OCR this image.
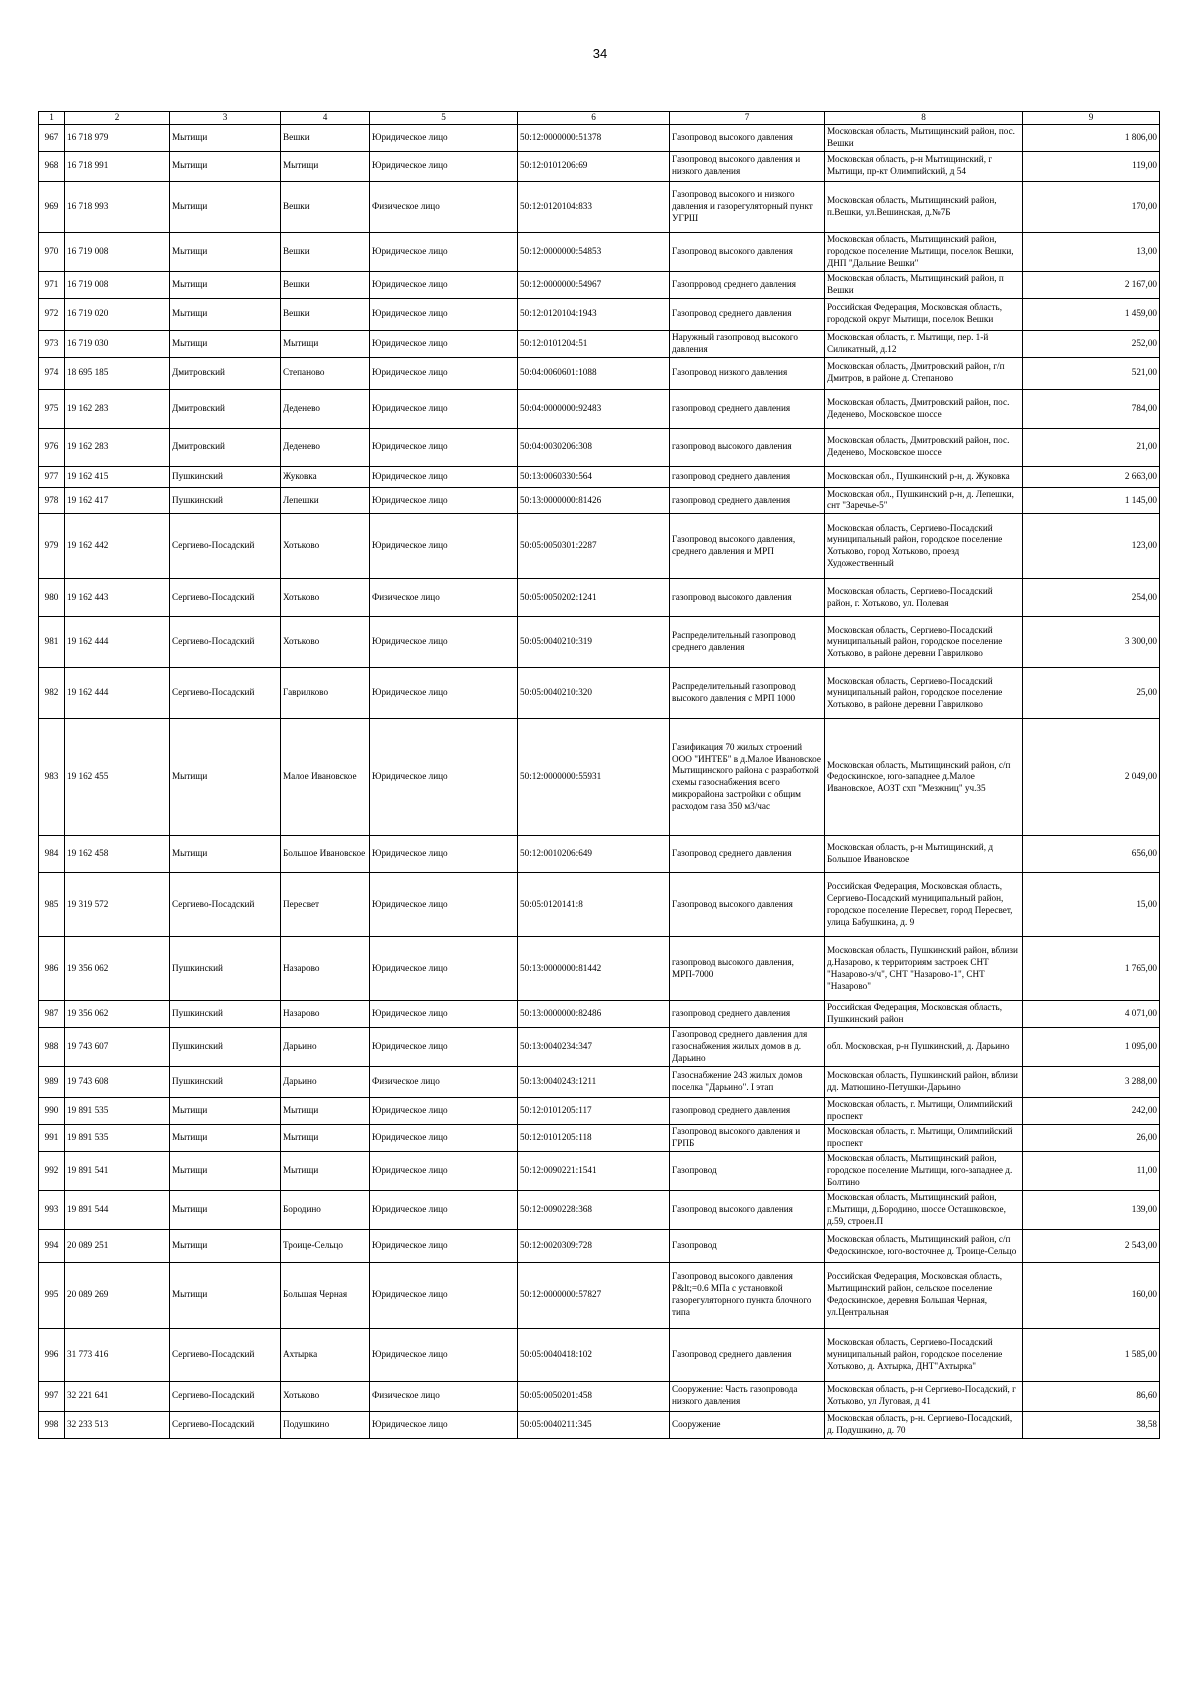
34
1	2	3	4	5	6	7	8	9
967	16 718 979	Мытищи	Вешки	Юридическое лицо	50:12:0000000:51378	Газопровод высокого давления	Московская область, Мытищинский район, пос. Вешки	1 806,00
968	16 718 991	Мытищи	Мытищи	Юридическое лицо	50:12:0101206:69	Газопровод высокого давления и низкого давления	Московская область, р-н Мытищинский, г Мытищи, пр-кт Олимпийский, д 54	119,00
969	16 718 993	Мытищи	Вешки	Физическое лицо	50:12:0120104:833	Газопровод высокого и низкого давления и газорегуляторный пункт УГРШ	Московская область, Мытищинский район, п.Вешки, ул.Вешинская, д.№7Б	170,00
970	16 719 008	Мытищи	Вешки	Юридическое лицо	50:12:0000000:54853	Газопровод высокого давления	Московская область, Мытищинский район, городское поселение Мытищи, поселок Вешки, ДНП "Дальние Вешки"	13,00
971	16 719 008	Мытищи	Вешки	Юридическое лицо	50:12:0000000:54967	Газопрровод среднего давления	Московская область, Мытищинский район, п Вешки	2 167,00
972	16 719 020	Мытищи	Вешки	Юридическое лицо	50:12:0120104:1943	Газопровод среднего давления	Российская Федерация, Московская область, городской округ Мытищи, поселок Вешки	1 459,00
973	16 719 030	Мытищи	Мытищи	Юридическое лицо	50:12:0101204:51	Наружный газопровод высокого давления	Московская область, г. Мытищи, пер. 1-й Силикатный, д.12	252,00
974	18 695 185	Дмитровский	Степаново	Юридическое лицо	50:04:0060601:1088	Газопровод низкого давления	Московская область, Дмитровский район, г/п Дмитров, в районе д. Степаново	521,00
975	19 162 283	Дмитровский	Деденево	Юридическое лицо	50:04:0000000:92483	газопровод среднего давления	Московская область, Дмитровский район, пос. Деденево, Московское шоссе	784,00
976	19 162 283	Дмитровский	Деденево	Юридическое лицо	50:04:0030206:308	газопровод высокого давления	Московская область, Дмитровский район, пос. Деденево, Московское шоссе	21,00
977	19 162 415	Пушкинский	Жуковка	Юридическое лицо	50:13:0060330:564	газопровод среднего давления	Московская обл., Пушкинский р-н, д. Жуковка	2 663,00
978	19 162 417	Пушкинский	Лепешки	Юридическое лицо	50:13:0000000:81426	газопровод среднего давления	Московская обл., Пушкинский р-н, д. Лепешки, снт "Заречье-5"	1 145,00
979	19 162 442	Сергиево-Посадский	Хотьково	Юридическое лицо	50:05:0050301:2287	Газопровод высокого давления, среднего давления и МРП	Московская область, Сергиево-Посадский муниципальный район, городское поселение Хотьково, город Хотьково, проезд Художественный	123,00
980	19 162 443	Сергиево-Посадский	Хотьково	Физическое лицо	50:05:0050202:1241	газопровод высокого давления	Московская область, Сергиево-Посадский район, г. Хотьково, ул. Полевая	254,00
981	19 162 444	Сергиево-Посадский	Хотьково	Юридическое лицо	50:05:0040210:319	Распределительный газопровод среднего давления	Московская область, Сергиево-Посадский муниципальный район, городское поселение Хотьково, в районе деревни Гаврилково	3 300,00
982	19 162 444	Сергиево-Посадский	Гаврилково	Юридическое лицо	50:05:0040210:320	Распределительный газопровод высокого давления с МРП 1000	Московская область, Сергиево-Посадский муниципальный район, городское поселение Хотьково, в районе деревни Гаврилково	25,00
983	19 162 455	Мытищи	Малое Ивановское	Юридическое лицо	50:12:0000000:55931	Газификация 70 жилых строений ООО "ИНТЕБ" в д.Малое Ивановское Мытищинского района с разработкой схемы газоснабжения всего микрорайона застройки с общим расходом газа 350 м3/час	Московская область, Мытищинский район, с/п Федоскинское, юго-западнее д.Малое Ивановское, АОЗТ схп "Мезжниц" уч.35	2 049,00
984	19 162 458	Мытищи	Большое Ивановское	Юридическое лицо	50:12:0010206:649	Газопровод среднего давления	Московская область, р-н Мытищинский, д Большое Ивановское	656,00
985	19 319 572	Сергиево-Посадский	Пересвет	Юридическое лицо	50:05:0120141:8	Газопровод высокого давления	Российская Федерация, Московская область, Сергиево-Посадский муниципальный район, городское поселение Пересвет, город Пересвет, улица Бабушкина, д. 9	15,00
986	19 356 062	Пушкинский	Назарово	Юридическое лицо	50:13:0000000:81442	газопровод высокого давления, МРП-7000	Московская область, Пушкинский район, вблизи д.Назарово, к территориям застроек СНТ "Назарово-з/ч", СНТ "Назарово-1", СНТ "Назарово"	1 765,00
987	19 356 062	Пушкинский	Назарово	Юридическое лицо	50:13:0000000:82486	газопровод среднего давления	Российская Федерация, Московская область, Пушкинский район	4 071,00
988	19 743 607	Пушкинский	Дарьино	Юридическое лицо	50:13:0040234:347	Газопровод среднего давления для газоснабжения жилых домов в д. Дарьино	обл. Московская, р-н Пушкинский, д. Дарьино	1 095,00
989	19 743 608	Пушкинский	Дарьино	Физическое лицо	50:13:0040243:1211	Газоснабжение 243 жилых домов поселка "Дарьино". I этап	Московская область, Пушкинский район, вблизи дд. Матюшино-Петушки-Дарьино	3 288,00
990	19 891 535	Мытищи	Мытищи	Юридическое лицо	50:12:0101205:117	газопровод среднего давления	Московская область, г. Мытищи, Олимпийский проспект	242,00
991	19 891 535	Мытищи	Мытищи	Юридическое лицо	50:12:0101205:118	Газопровод высокого давления и ГРПБ	Московская область, г. Мытищи, Олимпийский проспект	26,00
992	19 891 541	Мытищи	Мытищи	Юридическое лицо	50:12:0090221:1541	Газопровод	Московская область, Мытищинский район, городское поселение Мытищи, юго-западнее д. Болтино	11,00
993	19 891 544	Мытищи	Бородино	Юридическое лицо	50:12:0090228:368	Газопровод высокого давления	Московская область, Мытищинский район, г.Мытищи, д.Бородино, шоссе Осташковское, д.59, строен.П	139,00
994	20 089 251	Мытищи	Троице-Сельцо	Юридическое лицо	50:12:0020309:728	Газопровод	Московская область, Мытищинский район, с/п Федоскинское, юго-восточнее д. Троице-Сельцо	2 543,00
995	20 089 269	Мытищи	Большая Черная	Юридическое лицо	50:12:0000000:57827	Газопровод высокого давления P&lt;=0.6 МПа с установкой газорегуляторного пункта блочного типа	Российская Федерация, Московская область, Мытищинский район, сельское поселение Федоскинское, деревня Большая Черная, ул.Центральная	160,00
996	31 773 416	Сергиево-Посадский	Ахтырка	Юридическое лицо	50:05:0040418:102	Газопровод среднего давления	Московская область, Сергиево-Посадский муниципальный район, городское поселение Хотьково, д. Ахтырка, ДНТ"Ахтырка"	1 585,00
997	32 221 641	Сергиево-Посадский	Хотьково	Физическое лицо	50:05:0050201:458	Сооружение: Часть газопровода низкого давления	Московская область, р-н Сергиево-Посадский, г Хотьково, ул Луговая, д 41	86,60
998	32 233 513	Сергиево-Посадский	Подушкино	Юридическое лицо	50:05:0040211:345	Сооружение	Московская область, р-н. Сергиево-Посадский, д. Подушкино, д. 70	38,58
